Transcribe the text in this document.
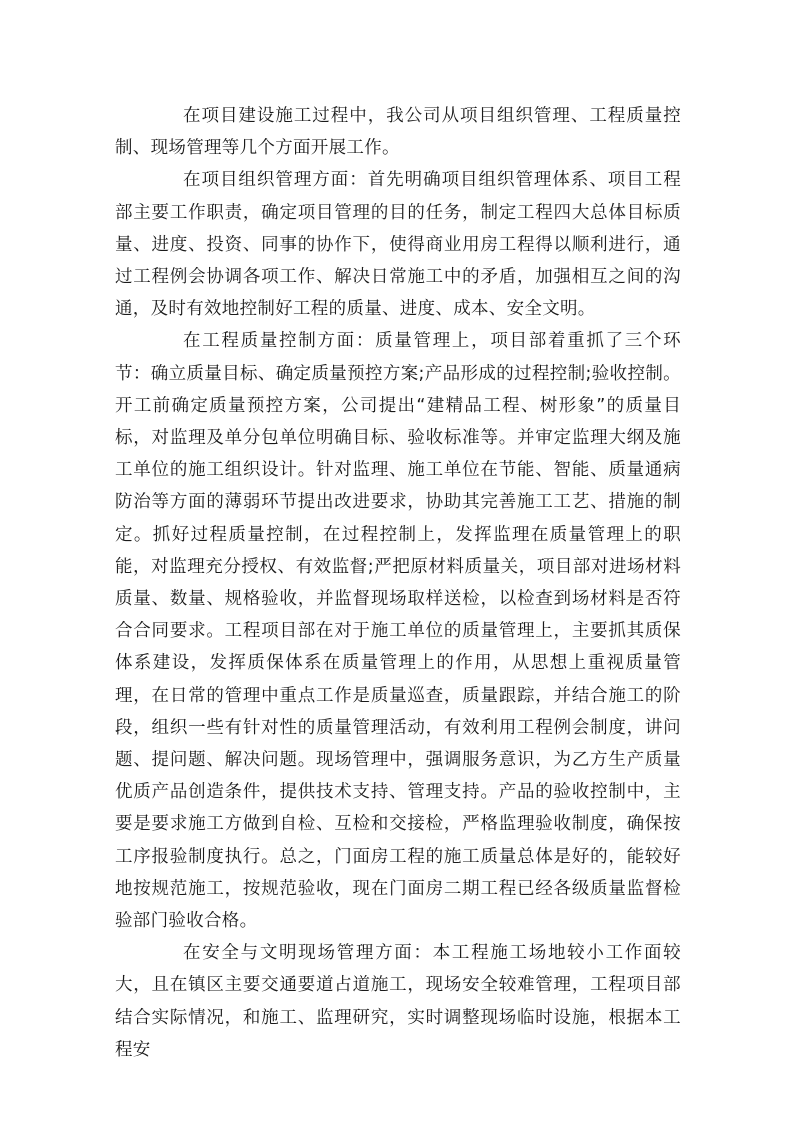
在项目建设施工过程中，我公司从项目组织管理、工程质量控制、现场管理等几个方面开展工作。

在项目组织管理方面：首先明确项目组织管理体系、项目工程部主要工作职责，确定项目管理的目的任务，制定工程四大总体目标质量、进度、投资、同事的协作下，使得商业用房工程得以顺利进行，通过工程例会协调各项工作、解决日常施工中的矛盾，加强相互之间的沟通，及时有效地控制好工程的质量、进度、成本、安全文明。

在工程质量控制方面：质量管理上，项目部着重抓了三个环节：确立质量目标、确定质量预控方案;产品形成的过程控制;验收控制。开工前确定质量预控方案，公司提出“建精品工程、树形象”的质量目标，对监理及单分包单位明确目标、验收标准等。并审定监理大纲及施工单位的施工组织设计。针对监理、施工单位在节能、智能、质量通病防治等方面的薄弱环节提出改进要求，协助其完善施工工艺、措施的制定。抓好过程质量控制，在过程控制上，发挥监理在质量管理上的职能，对监理充分授权、有效监督;严把原材料质量关，项目部对进场材料质量、数量、规格验收，并监督现场取样送检，以检查到场材料是否符合合同要求。工程项目部在对于施工单位的质量管理上，主要抓其质保体系建设，发挥质保体系在质量管理上的作用，从思想上重视质量管理，在日常的管理中重点工作是质量巡查，质量跟踪，并结合施工的阶段，组织一些有针对性的质量管理活动，有效利用工程例会制度，讲问题、提问题、解决问题。现场管理中，强调服务意识，为乙方生产质量优质产品创造条件，提供技术支持、管理支持。产品的验收控制中，主要是要求施工方做到自检、互检和交接检，严格监理验收制度，确保按工序报验制度执行。总之，门面房工程的施工质量总体是好的，能较好地按规范施工，按规范验收，现在门面房二期工程已经各级质量监督检验部门验收合格。

在安全与文明现场管理方面：本工程施工场地较小工作面较大，且在镇区主要交通要道占道施工，现场安全较难管理，工程项目部结合实际情况，和施工、监理研究，实时调整现场临时设施，根据本工程安
